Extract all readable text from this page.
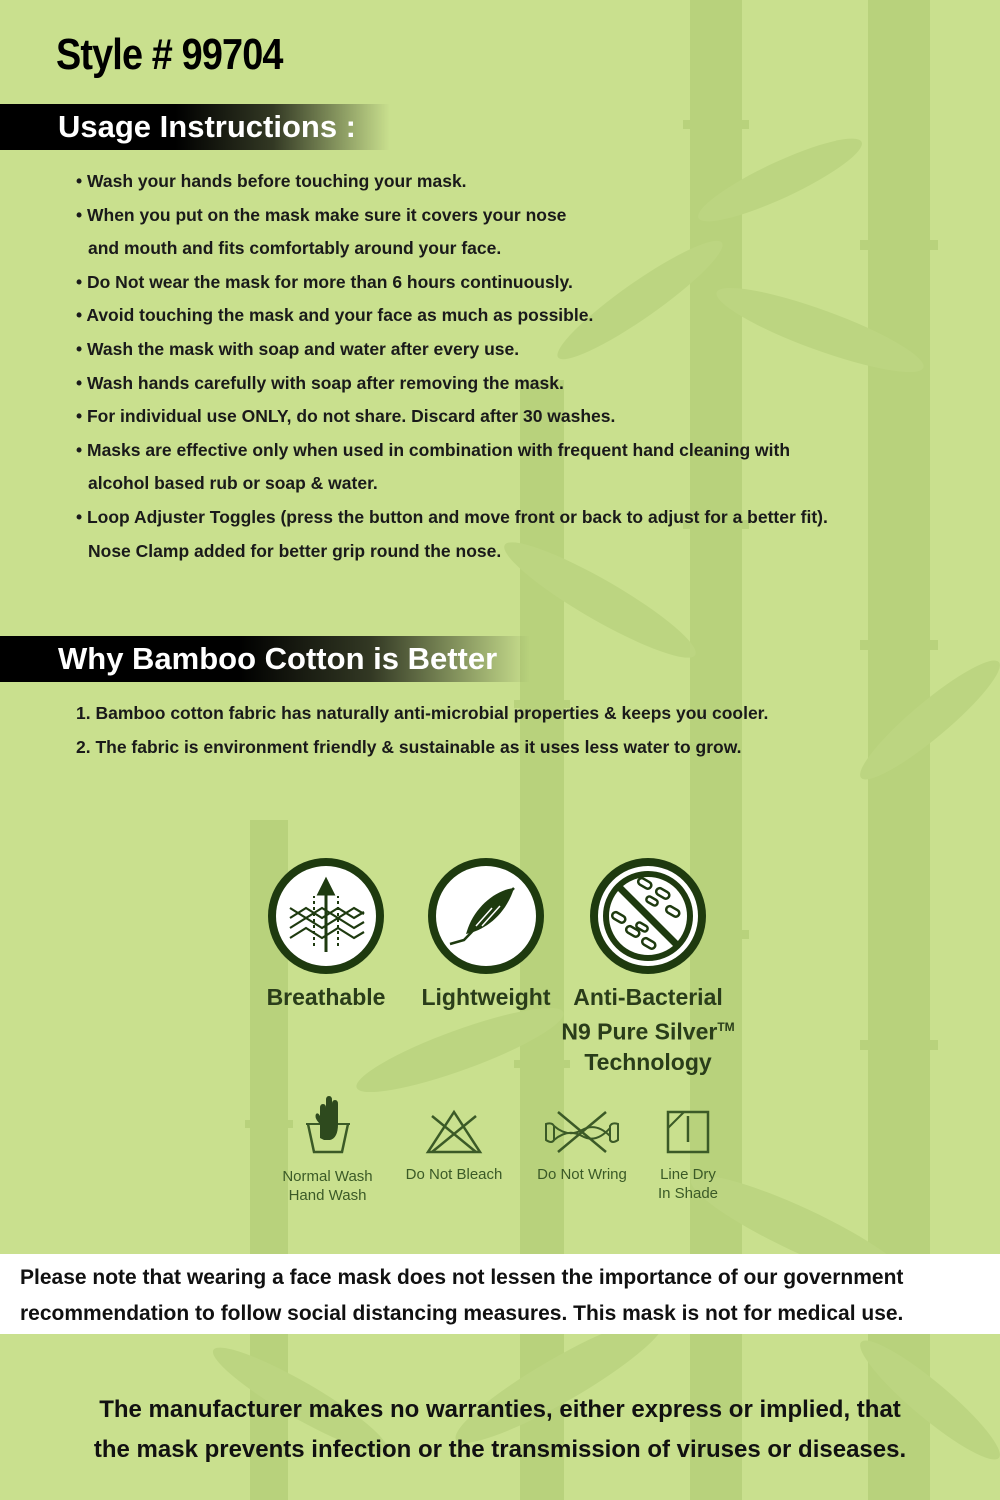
Style # 99704
Usage Instructions :
• Wash your hands before touching your mask.
• When you put on the mask make sure it covers your nose
and mouth and fits comfortably around your face.
• Do Not wear the mask for more than 6 hours continuously.
• Avoid touching the mask and your face as much as possible.
• Wash the mask with soap and water after every use.
• Wash hands carefully with soap after removing the mask.
• For individual use ONLY, do not share. Discard after 30 washes.
• Masks are effective only when used in combination with frequent hand cleaning with
alcohol based rub or soap & water.
• Loop Adjuster Toggles (press the button and move front or back to adjust for a better fit).
Nose Clamp added for better grip round the nose.
Why Bamboo Cotton is Better
1. Bamboo cotton fabric has naturally anti-microbial properties & keeps you cooler.
2. The fabric is environment friendly & sustainable as it uses less water to grow.
Breathable Lightweight Anti-Bacterial
N9 Pure Silver™
Technology
Normal Wash
Hand Wash
Do Not Bleach	Do Not Wring	Line Dry
In Shade

Please note that wearing a face mask does not lessen the importance of our government recommendation to follow social distancing measures. This mask is not for medical use.

The manufacturer makes no warranties, either express or implied, that
the mask prevents infection or the transmission of viruses or diseases.
